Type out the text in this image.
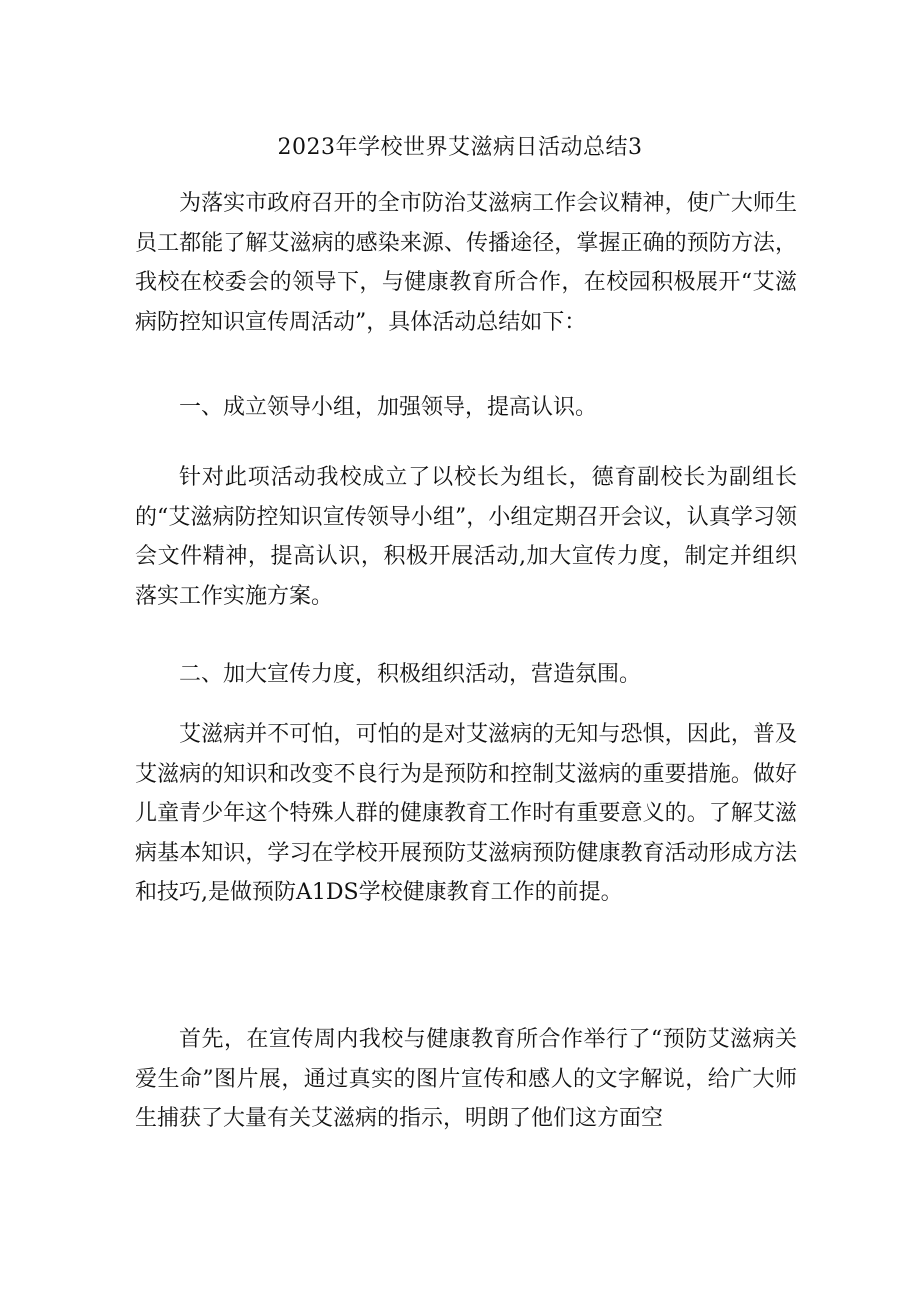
2023年学校世界艾滋病日活动总结3

为落实市政府召开的全市防治艾滋病工作会议精神，使广大师生员工都能了解艾滋病的感染来源、传播途径，掌握正确的预防方法，我校在校委会的领导下，与健康教育所合作，在校园积极展开“艾滋病防控知识宣传周活动”，具体活动总结如下：

一、成立领导小组，加强领导，提高认识。

针对此项活动我校成立了以校长为组长，德育副校长为副组长的“艾滋病防控知识宣传领导小组”，小组定期召开会议，认真学习领会文件精神，提高认识，积极开展活动,加大宣传力度，制定并组织落实工作实施方案。

二、加大宣传力度，积极组织活动，营造氛围。

艾滋病并不可怕，可怕的是对艾滋病的无知与恐惧，因此，普及艾滋病的知识和改变不良行为是预防和控制艾滋病的重要措施。做好儿童青少年这个特殊人群的健康教育工作时有重要意义的。了解艾滋病基本知识，学习在学校开展预防艾滋病预防健康教育活动形成方法和技巧,是做预防A1DS学校健康教育工作的前提。

首先，在宣传周内我校与健康教育所合作举行了“预防艾滋病关爱生命”图片展，通过真实的图片宣传和感人的文字解说，给广大师生捕获了大量有关艾滋病的指示，明朗了他们这方面空
